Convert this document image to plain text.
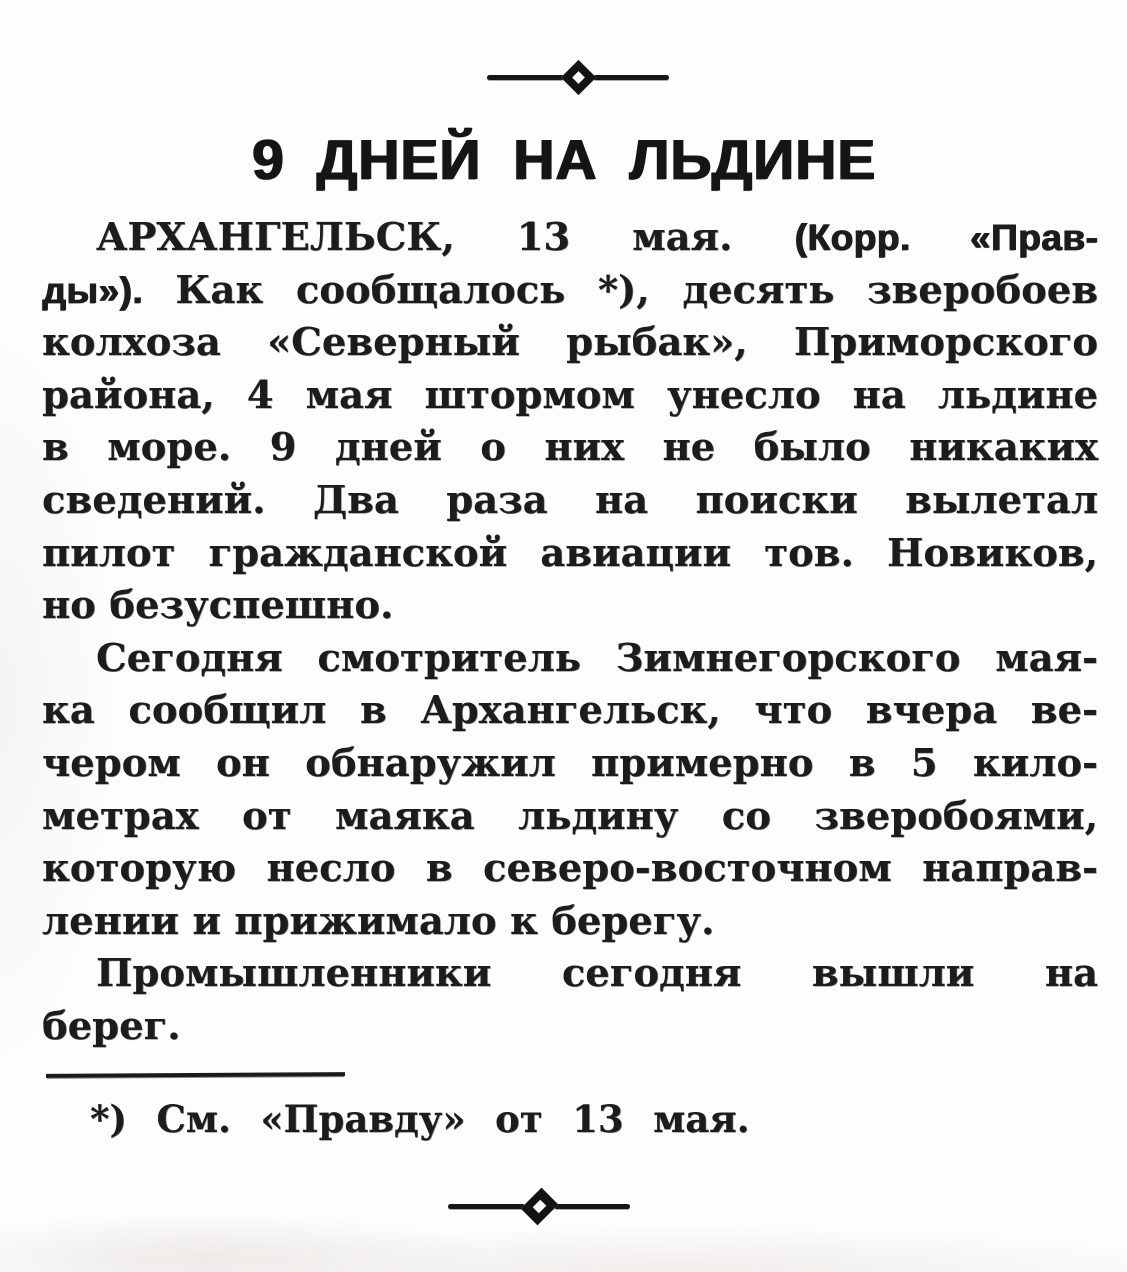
9 ДНЕЙ НА ЛЬДИНЕ
АРХАНГЕЛЬСК, 13 мая. (Корр. «Прав-
ды»). Как сообщалось *), десять зверобоев
колхоза «Северный рыбак», Приморского
района, 4 мая штормом унесло на льдине
в море. 9 дней о них не было никаких
сведений. Два раза на поиски вылетал
пилот гражданской авиации тов. Новиков,
но безуспешно.
Сегодня смотритель Зимнегорского мая-
ка сообщил в Архангельск, что вчера ве-
чером он обнаружил примерно в 5 кило-
метрах от маяка льдину со зверобоями,
которую несло в северо-восточном направ-
лении и прижимало к берегу.
Промышленники сегодня вышли на
берег.
*) См. «Правду» от 13 мая.
